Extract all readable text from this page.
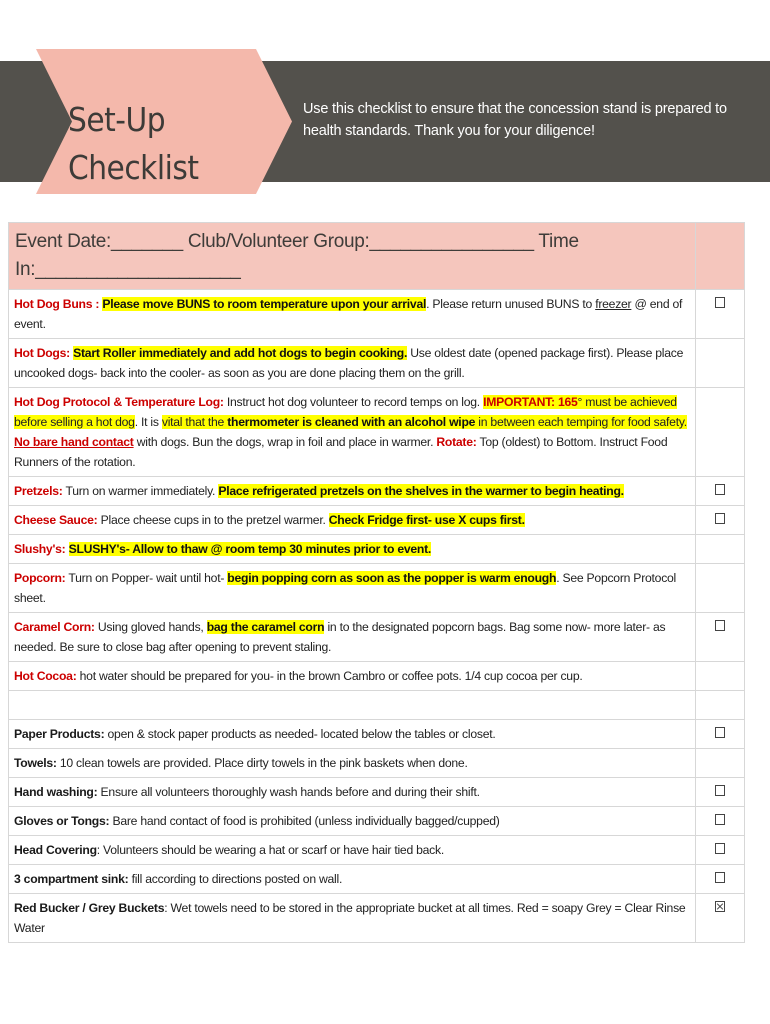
Set-Up Checklist
Use this checklist to ensure that the concession stand is prepared to health standards. Thank you for your diligence!
Event Date:_______ Club/Volunteer Group:________________ Time
In:____________________	

Hot Dog Buns : Please move BUNS to room temperature upon your arrival. Please return unused BUNS to freezer @ end of event.	
Hot Dogs: Start Roller immediately and add hot dogs to begin cooking. Use oldest date (opened package first). Please place uncooked dogs- back into the cooler- as soon as you are done placing them on the grill.	
Hot Dog Protocol & Temperature Log: Instruct hot dog volunteer to record temps on log. IMPORTANT: 165° must be achieved before selling a hot dog. It is vital that the thermometer is cleaned with an alcohol wipe in between each temping for food safety. No bare hand contact with dogs. Bun the dogs, wrap in foil and place in warmer. Rotate: Top (oldest) to Bottom. Instruct Food Runners of the rotation.	
Pretzels: Turn on warmer immediately. Place refrigerated pretzels on the shelves in the warmer to begin heating.	
Cheese Sauce: Place cheese cups in to the pretzel warmer. Check Fridge first- use X cups first.	
Slushy's: SLUSHY's- Allow to thaw @ room temp 30 minutes prior to event.	
Popcorn: Turn on Popper- wait until hot- begin popping corn as soon as the popper is warm enough. See Popcorn Protocol sheet.	
Caramel Corn: Using gloved hands, bag the caramel corn in to the designated popcorn bags. Bag some now- more later- as needed. Be sure to close bag after opening to prevent staling.	
Hot Cocoa: hot water should be prepared for you- in the brown Cambro or coffee pots. 1/4 cup cocoa per cup.	

Paper Products: open & stock paper products as needed- located below the tables or closet.	
Towels: 10 clean towels are provided. Place dirty towels in the pink baskets when done.	
Hand washing: Ensure all volunteers thoroughly wash hands before and during their shift.	
Gloves or Tongs: Bare hand contact of food is prohibited (unless individually bagged/cupped)	
Head Covering: Volunteers should be wearing a hat or scarf or have hair tied back.	
3 compartment sink: fill according to directions posted on wall.	
Red Bucker / Grey Buckets: Wet towels need to be stored in the appropriate bucket at all times. Red = soapy Grey = Clear Rinse Water	
